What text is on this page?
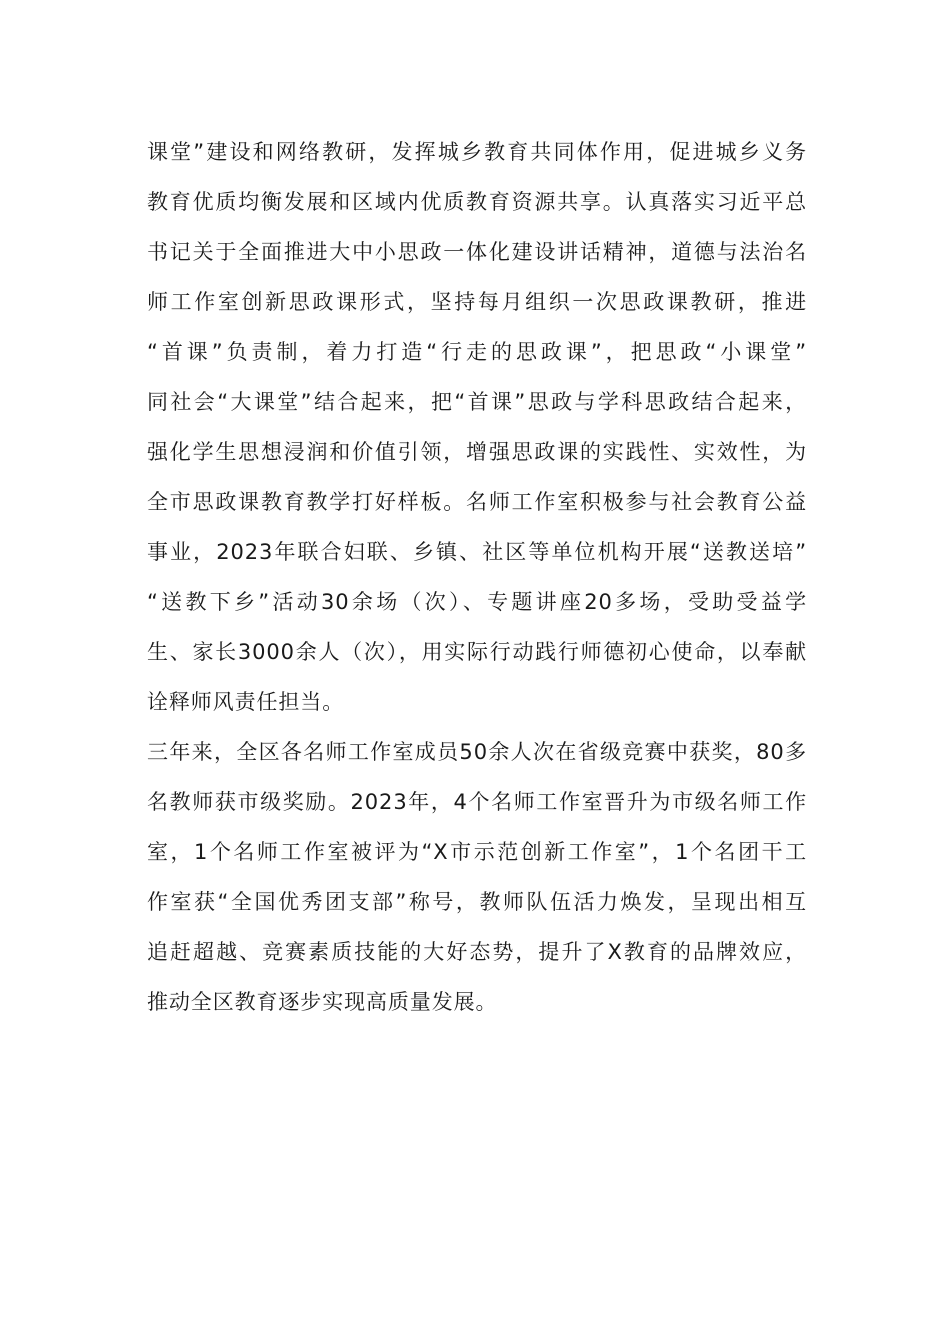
课堂”建设和网络教研，发挥城乡教育共同体作用，促进城乡义务
教育优质均衡发展和区域内优质教育资源共享。认真落实习近平总
书记关于全面推进大中小思政一体化建设讲话精神，道德与法治名
师工作室创新思政课形式，坚持每月组织一次思政课教研，推进
“首课”负责制，着力打造“行走的思政课”，把思政“小课堂”
同社会“大课堂”结合起来，把“首课”思政与学科思政结合起来，
强化学生思想浸润和价值引领，增强思政课的实践性、实效性，为
全市思政课教育教学打好样板。名师工作室积极参与社会教育公益
事业，2023年联合妇联、乡镇、社区等单位机构开展“送教送培”
“送教下乡”活动30余场（次）、专题讲座20多场，受助受益学
生、家长3000余人（次），用实际行动践行师德初心使命，以奉献
诠释师风责任担当。
三年来，全区各名师工作室成员50余人次在省级竞赛中获奖，80多
名教师获市级奖励。2023年，4个名师工作室晋升为市级名师工作
室，1个名师工作室被评为“X市示范创新工作室”，1个名团干工
作室获“全国优秀团支部”称号，教师队伍活力焕发，呈现出相互
追赶超越、竞赛素质技能的大好态势，提升了X教育的品牌效应，
推动全区教育逐步实现高质量发展。
